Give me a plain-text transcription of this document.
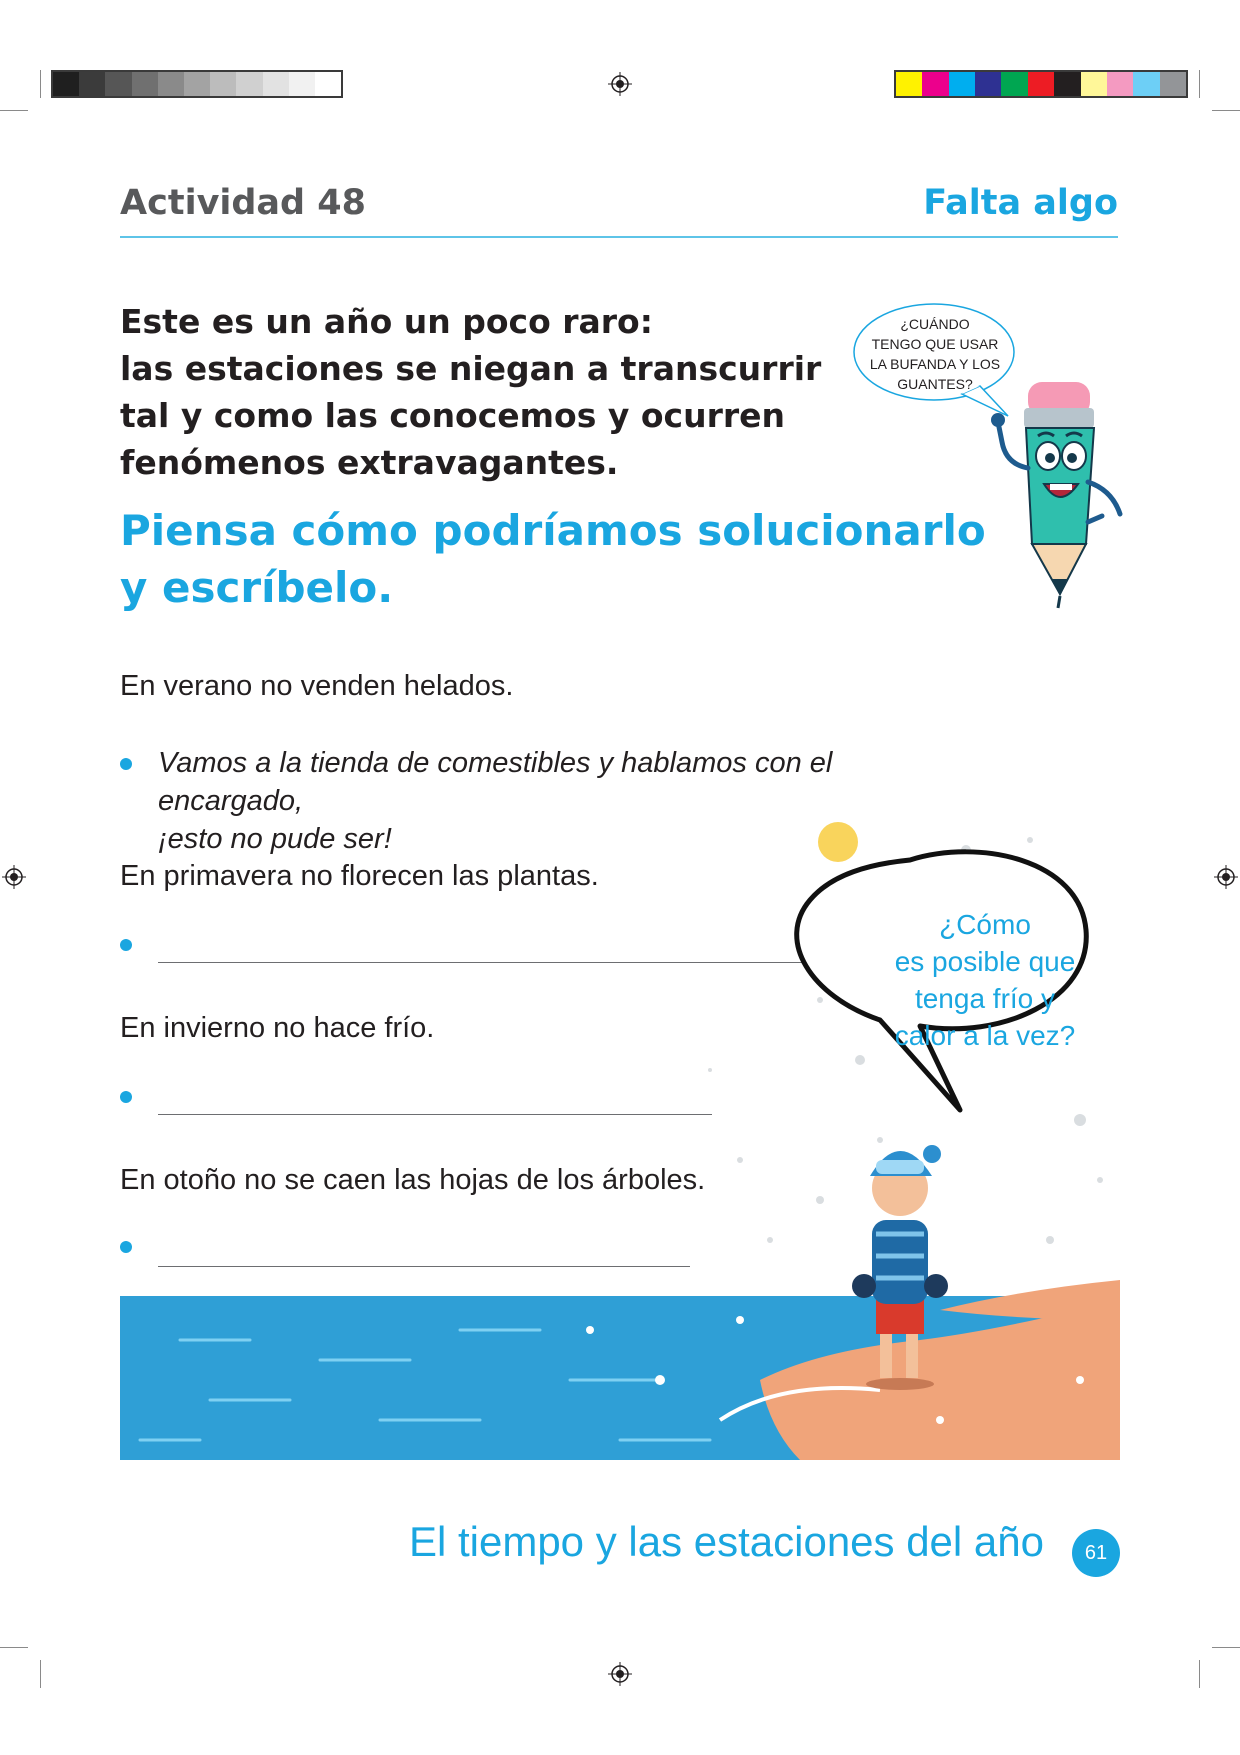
Actividad 48	Falta algo
Este es un año un poco raro:
las estaciones se niegan a transcurrir
tal y como las conocemos y ocurren
fenómenos extravagantes.
Piensa cómo podríamos solucionarlo
y escríbelo.
¿CUÁNDO
TENGO QUE USAR
LA BUFANDA Y LOS
GUANTES?
En verano no venden helados.
Vamos a la tienda de comestibles y hablamos con el encargado,
¡esto no pude ser!
En primavera no florecen las plantas.
En invierno no hace frío.
En otoño no se caen las hojas de los árboles.
¿Cómo
es posible que
tenga frío y
calor a la vez?
El tiempo y las estaciones del año	61
